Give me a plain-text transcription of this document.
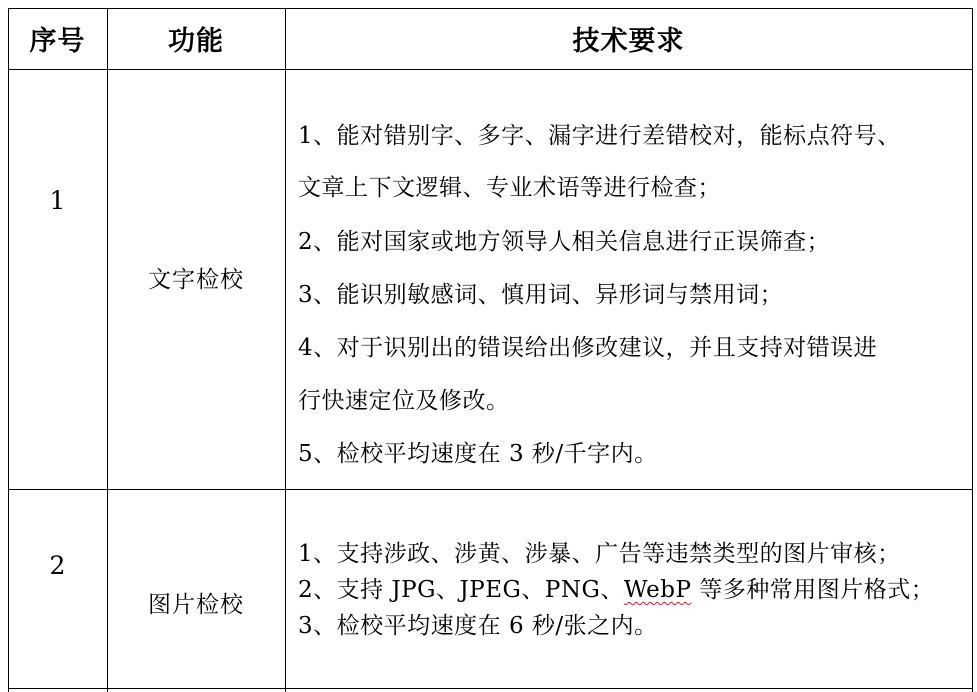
序号	功能	技术要求
1
文字检校
1、能对错别字、多字、漏字进行差错校对，能标点符号、
文章上下文逻辑、专业术语等进行检查；
2、能对国家或地方领导人相关信息进行正误筛查；
3、能识别敏感词、慎用词、异形词与禁用词；
4、对于识别出的错误给出修改建议，并且支持对错误进
行快速定位及修改。
5、检校平均速度在 3 秒/千字内。
2
图片检校
1、支持涉政、涉黄、涉暴、广告等违禁类型的图片审核；
2、支持 JPG、JPEG、PNG、WebP 等多种常用图片格式；
3、检校平均速度在 6 秒/张之内。
